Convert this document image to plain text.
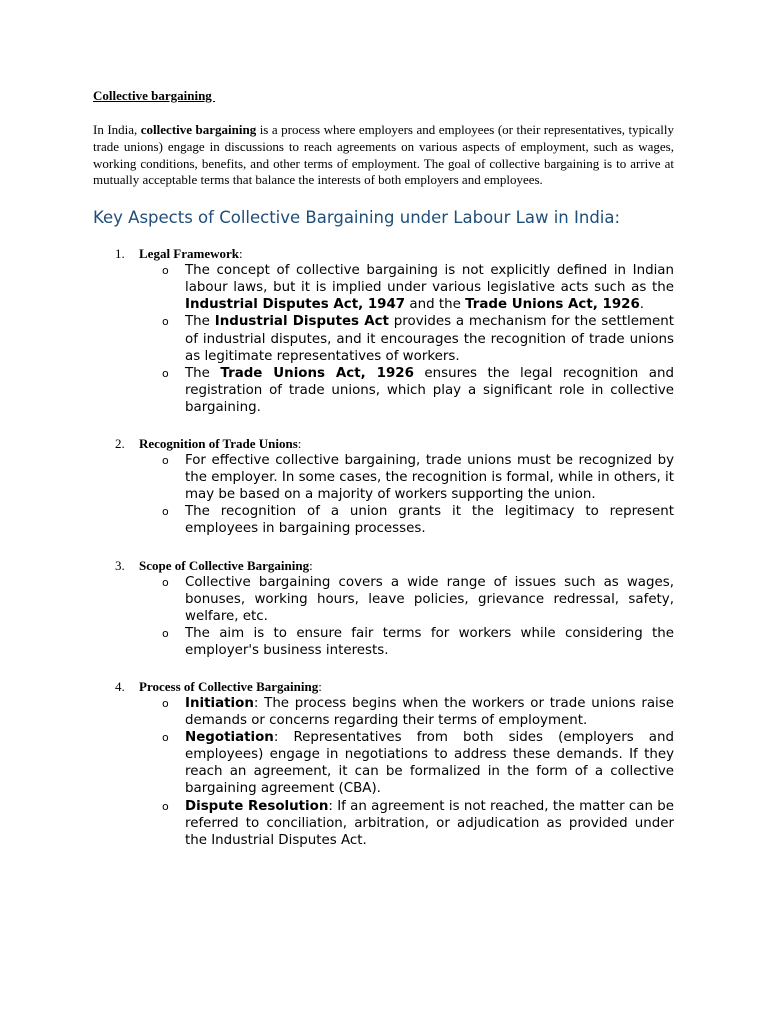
Collective bargaining

In India, collective bargaining is a process where employers and employees (or their representatives, typically trade unions) engage in discussions to reach agreements on various aspects of employment, such as wages, working conditions, benefits, and other terms of employment. The goal of collective bargaining is to arrive at mutually acceptable terms that balance the interests of both employers and employees.

Key Aspects of Collective Bargaining under Labour Law in India:
1. Legal Framework:
o The concept of collective bargaining is not explicitly defined in Indian labour laws, but it is implied under various legislative acts such as the Industrial Disputes Act, 1947 and the Trade Unions Act, 1926.
o The Industrial Disputes Act provides a mechanism for the settlement of industrial disputes, and it encourages the recognition of trade unions as legitimate representatives of workers.
o The Trade Unions Act, 1926 ensures the legal recognition and registration of trade unions, which play a significant role in collective bargaining.
2. Recognition of Trade Unions:
o For effective collective bargaining, trade unions must be recognized by the employer. In some cases, the recognition is formal, while in others, it may be based on a majority of workers supporting the union.
o The recognition of a union grants it the legitimacy to represent employees in bargaining processes.
3. Scope of Collective Bargaining:
o Collective bargaining covers a wide range of issues such as wages, bonuses, working hours, leave policies, grievance redressal, safety, welfare, etc.
o The aim is to ensure fair terms for workers while considering the employer's business interests.
4. Process of Collective Bargaining:
o Initiation: The process begins when the workers or trade unions raise demands or concerns regarding their terms of employment.
o Negotiation: Representatives from both sides (employers and employees) engage in negotiations to address these demands. If they reach an agreement, it can be formalized in the form of a collective bargaining agreement (CBA).
o Dispute Resolution: If an agreement is not reached, the matter can be referred to conciliation, arbitration, or adjudication as provided under the Industrial Disputes Act.
